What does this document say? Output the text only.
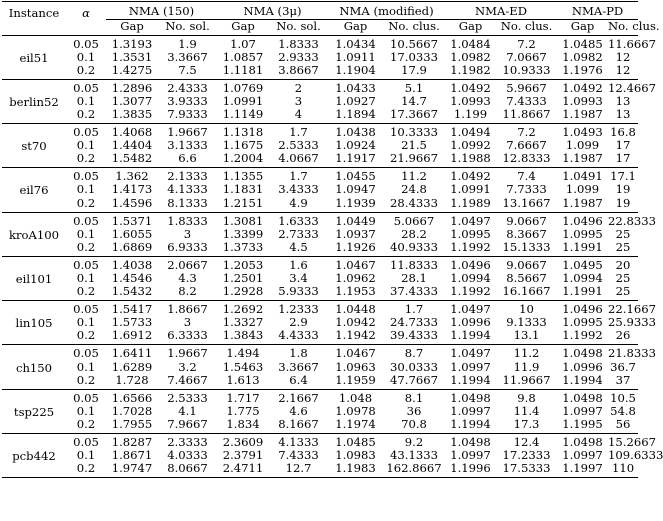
Instance	α	NMA (150)		NMA (3μ)		NMA (modified)		NMA-ED		NMA-PD	
		Gap	No. sol.	Gap	No. sol.	Gap	No. clus.	Gap	No. clus.	Gap	No. clus.
eil51	0.05	1.3193	1.9	1.07	1.8333	1.0434	10.5667	1.0484	7.2	1.0485	11.6667
	0.1	1.3531	3.3667	1.0857	2.9333	1.0911	17.0333	1.0982	7.0667	1.0982	12
	0.2	1.4275	7.5	1.1181	3.8667	1.1904	17.9	1.1982	10.9333	1.1976	12
berlin52	0.05	1.2896	2.4333	1.0769	2	1.0433	5.1	1.0492	5.9667	1.0492	12.4667
	0.1	1.3077	3.9333	1.0991	3	1.0927	14.7	1.0993	7.4333	1.0993	13
	0.2	1.3835	7.9333	1.1149	4	1.1894	17.3667	1.199	11.8667	1.1987	13
st70	0.05	1.4068	1.9667	1.1318	1.7	1.0438	10.3333	1.0494	7.2	1.0493	16.8
	0.1	1.4404	3.1333	1.1675	2.5333	1.0924	21.5	1.0992	7.6667	1.099	17
	0.2	1.5482	6.6	1.2004	4.0667	1.1917	21.9667	1.1988	12.8333	1.1987	17
eil76	0.05	1.362	2.1333	1.1355	1.7	1.0455	11.2	1.0492	7.4	1.0491	17.1
	0.1	1.4173	4.1333	1.1831	3.4333	1.0947	24.8	1.0991	7.7333	1.099	19
	0.2	1.4596	8.1333	1.2151	4.9	1.1939	28.4333	1.1989	13.1667	1.1987	19
kroA100	0.05	1.5371	1.8333	1.3081	1.6333	1.0449	5.0667	1.0497	9.0667	1.0496	22.8333
	0.1	1.6055	3	1.3399	2.7333	1.0937	28.2	1.0995	8.3667	1.0995	25
	0.2	1.6869	6.9333	1.3733	4.5	1.1926	40.9333	1.1992	15.1333	1.1991	25
eil101	0.05	1.4038	2.0667	1.2053	1.6	1.0467	11.8333	1.0496	9.0667	1.0495	20
	0.1	1.4546	4.3	1.2501	3.4	1.0962	28.1	1.0994	8.5667	1.0994	25
	0.2	1.5432	8.2	1.2928	5.9333	1.1953	37.4333	1.1992	16.1667	1.1991	25
lin105	0.05	1.5417	1.8667	1.2692	1.2333	1.0448	1.7	1.0497	10	1.0496	22.1667
	0.1	1.5733	3	1.3327	2.9	1.0942	24.7333	1.0996	9.1333	1.0995	25.9333
	0.2	1.6912	6.3333	1.3843	4.4333	1.1942	39.4333	1.1994	13.1	1.1992	26
ch150	0.05	1.6411	1.9667	1.494	1.8	1.0467	8.7	1.0497	11.2	1.0498	21.8333
	0.1	1.6289	3.2	1.5463	3.3667	1.0963	30.0333	1.0997	11.9	1.0996	36.7
	0.2	1.728	7.4667	1.613	6.4	1.1959	47.7667	1.1994	11.9667	1.1994	37
tsp225	0.05	1.6566	2.5333	1.717	2.1667	1.048	8.1	1.0498	9.8	1.0498	10.5
	0.1	1.7028	4.1	1.775	4.6	1.0978	36	1.0997	11.4	1.0997	54.8
	0.2	1.7955	7.9667	1.834	8.1667	1.1974	70.8	1.1994	17.3	1.1995	56
pcb442	0.05	1.8287	2.3333	2.3609	4.1333	1.0485	9.2	1.0498	12.4	1.0498	15.2667
	0.1	1.8671	4.0333	2.3791	7.4333	1.0983	43.1333	1.0997	17.2333	1.0997	109.6333
	0.2	1.9747	8.0667	2.4711	12.7	1.1983	162.8667	1.1996	17.5333	1.1997	110
